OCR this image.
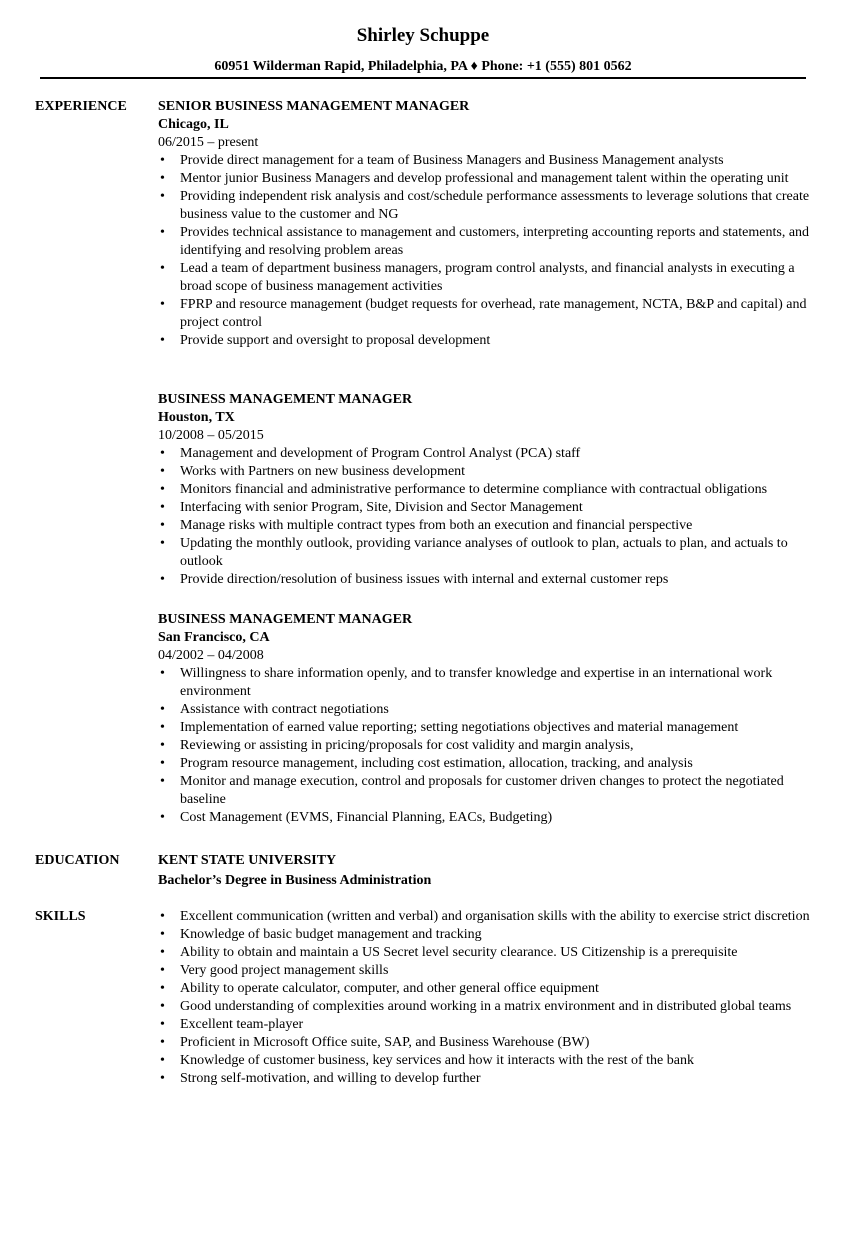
Shirley Schuppe
60951 Wilderman Rapid, Philadelphia, PA ♦ Phone: +1 (555) 801 0562
EXPERIENCE SENIOR BUSINESS MANAGEMENT MANAGER
Chicago, IL
06/2015 – present
• Provide direct management for a team of Business Managers and Business Management analysts
• Mentor junior Business Managers and develop professional and management talent within the operating unit
• Providing independent risk analysis and cost/schedule performance assessments to leverage solutions that create business value to the customer and NG
• Provides technical assistance to management and customers, interpreting accounting reports and statements, and identifying and resolving problem areas
• Lead a team of department business managers, program control analysts, and financial analysts in executing a broad scope of business management activities
• FPRP and resource management (budget requests for overhead, rate management, NCTA, B&P and capital) and project control
• Provide support and oversight to proposal development
BUSINESS MANAGEMENT MANAGER
Houston, TX
10/2008 – 05/2015
• Management and development of Program Control Analyst (PCA) staff
• Works with Partners on new business development
• Monitors financial and administrative performance to determine compliance with contractual obligations
• Interfacing with senior Program, Site, Division and Sector Management
• Manage risks with multiple contract types from both an execution and financial perspective
• Updating the monthly outlook, providing variance analyses of outlook to plan, actuals to plan, and actuals to outlook
• Provide direction/resolution of business issues with internal and external customer reps
BUSINESS MANAGEMENT MANAGER
San Francisco, CA
04/2002 – 04/2008
• Willingness to share information openly, and to transfer knowledge and expertise in an international work environment
• Assistance with contract negotiations
• Implementation of earned value reporting; setting negotiations objectives and material management
• Reviewing or assisting in pricing/proposals for cost validity and margin analysis,
• Program resource management, including cost estimation, allocation, tracking, and analysis
• Monitor and manage execution, control and proposals for customer driven changes to protect the negotiated baseline
• Cost Management (EVMS, Financial Planning, EACs, Budgeting)
EDUCATION	KENT STATE UNIVERSITY
Bachelor’s Degree in Business Administration
SKILLS
•	Excellent communication (written and verbal) and organisation skills with the ability to exercise strict discretion
• Knowledge of basic budget management and tracking
• Ability to obtain and maintain a US Secret level security clearance. US Citizenship is a prerequisite
• Very good project management skills
• Ability to operate calculator, computer, and other general office equipment
• Good understanding of complexities around working in a matrix environment and in distributed global teams
• Excellent team-player
• Proficient in Microsoft Office suite, SAP, and Business Warehouse (BW)
• Knowledge of customer business, key services and how it interacts with the rest of the bank
• Strong self-motivation, and willing to develop further
